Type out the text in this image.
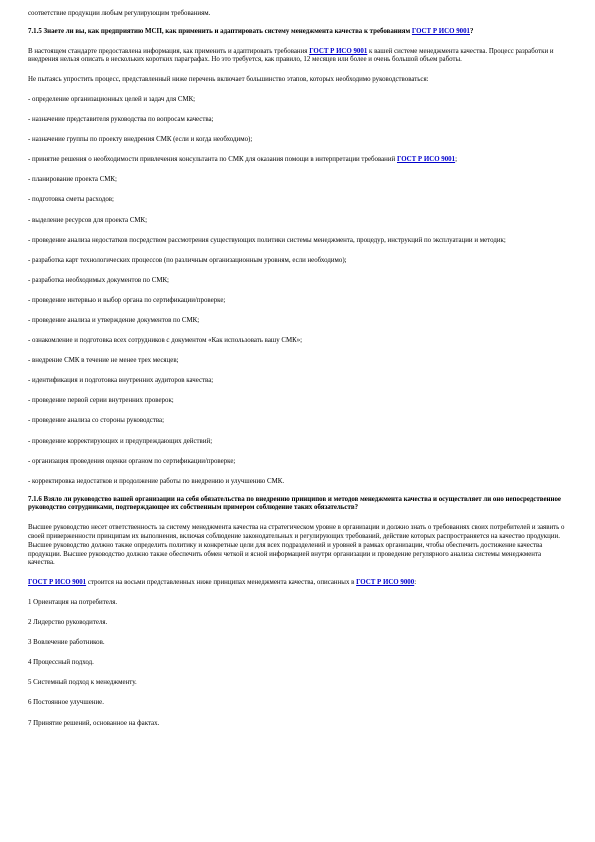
соответствие продукции любым регулирующим требованиям.

7.1.5 Знаете ли вы, как предприятию МСП, как применить и адаптировать систему менеджмента качества к требованиям ГОСТ Р ИСО 9001?

В настоящем стандарте предоставлена информация, как применить и адаптировать требования ГОСТ Р ИСО 9001 к вашей системе менеджмента качества. Процесс разработки и внедрения нельзя описать в нескольких коротких параграфах. Но это требуется, как правило, 12 месяцев или более и очень большой объем работы.

Не пытаясь упростить процесс, представленный ниже перечень включает большинство этапов, которых необходимо руководствоваться:

- определение организационных целей и задач для СМК;

- назначение представителя руководства по вопросам качества;

- назначение группы по проекту внедрения СМК (если и когда необходимо);

- принятие решения о необходимости привлечения консультанта по СМК для оказания помощи в интерпретации требований ГОСТ Р ИСО 9001;

- планирование проекта СМК;

- подготовка сметы расходов;

- выделение ресурсов для проекта СМК;

- проведение анализа недостатков посредством рассмотрения существующих политики системы менеджмента, процедур, инструкций по эксплуатации и методик;

- разработка карт технологических процессов (по различным организационным уровням, если необходимо);

- разработка необходимых документов по СМК;

- проведение интервью и выбор органа по сертификации/проверке;

- проведение анализа и утверждение документов по СМК;

- ознакомление и подготовка всех сотрудников с документом «Как использовать вашу СМК»;

- внедрение СМК в течение не менее трех месяцев;

- идентификация и подготовка внутренних аудиторов качества;

- проведение первой серии внутренних проверок;

- проведение анализа со стороны руководства;

- проведение корректирующих и предупреждающих действий;

- организация проведения оценки органом по сертификации/проверке;

- корректировка недостатков и продолжение работы по внедрению и улучшению СМК.

7.1.6 Взяло ли руководство вашей организации на себя обязательства по внедрению принципов и методов менеджмента качества и осуществляет ли оно непосредственное руководство сотрудниками, подтверждающее их собственным примером соблюдение таких обязательств?

Высшее руководство несет ответственность за систему менеджмента качества на стратегическом уровне в организации и должно знать о требованиях своих потребителей и заявить о своей приверженности принципам их выполнения, включая соблюдение законодательных и регулирующих требований, действие которых распространяется на качество продукции. Высшее руководство должно также определить политику и конкретные цели для всех подразделений и уровней в рамках организации, чтобы обеспечить достижение качества продукции. Высшее руководство должно также обеспечить обмен четкой и ясной информацией внутри организации и проведение регулярного анализа системы менеджмента качества.

ГОСТ Р ИСО 9001 строится на восьми представленных ниже принципах менеджмента качества, описанных в ГОСТ Р ИСО 9000:

1 Ориентация на потребителя.

2 Лидерство руководителя.

3 Вовлечение работников.

4 Процессный подход.

5 Системный подход к менеджменту.

6 Постоянное улучшение.

7 Принятие решений, основанное на фактах.
